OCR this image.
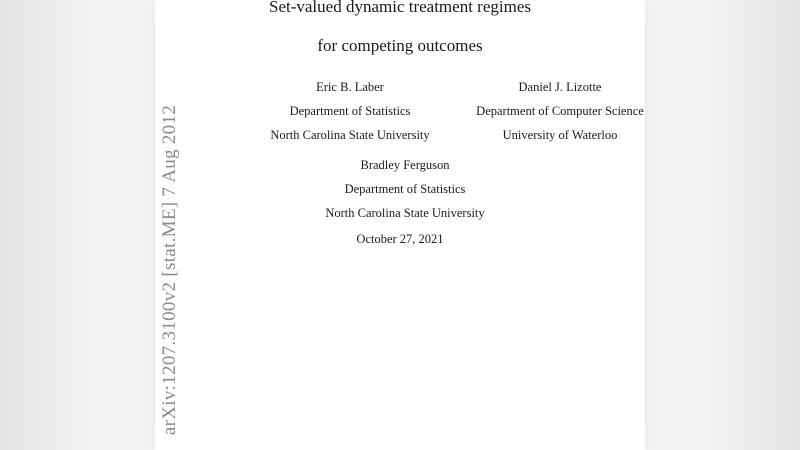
Set-valued dynamic treatment regimes
for competing outcomes
Eric B. Laber
Department of Statistics
North Carolina State University
Daniel J. Lizotte
Department of Computer Science
University of Waterloo
Bradley Ferguson
Department of Statistics
North Carolina State University
October 27, 2021
arXiv:1207.3100v2 [stat.ME] 7 Aug 2012
